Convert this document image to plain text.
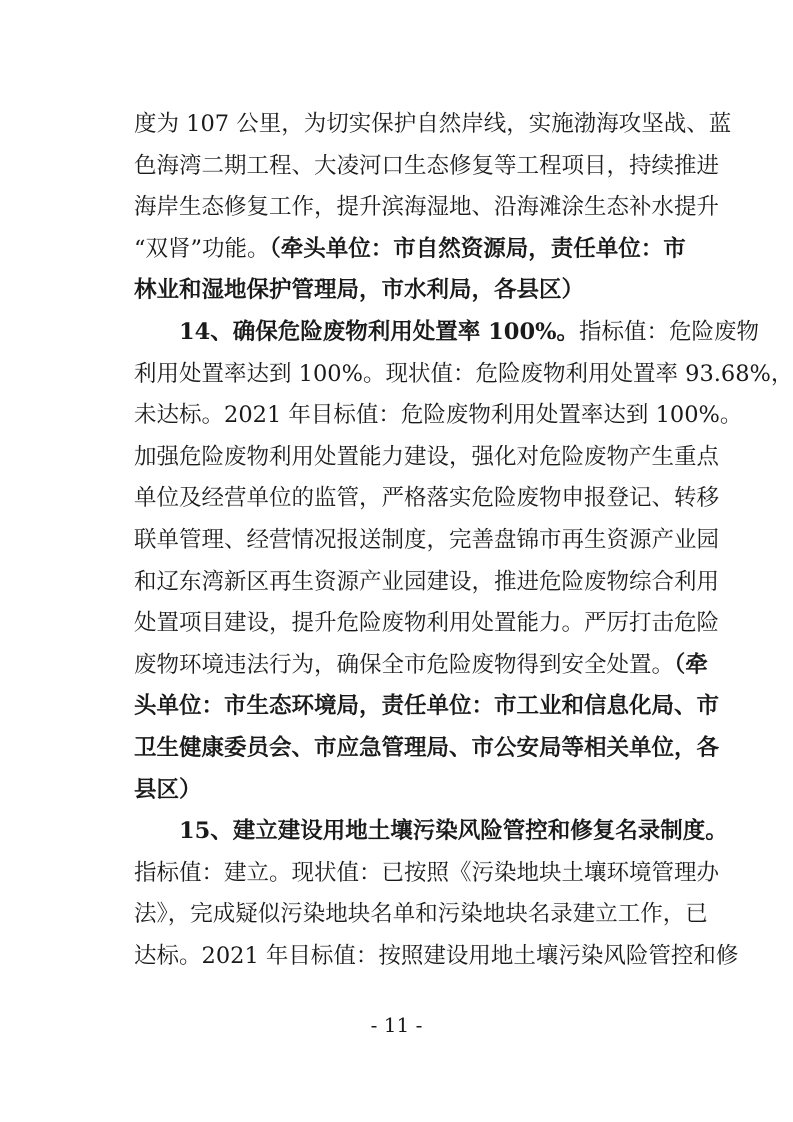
度为 107 公里，为切实保护自然岸线，实施渤海攻坚战、蓝
色海湾二期工程、大凌河口生态修复等工程项目，持续推进
海岸生态修复工作，提升滨海湿地、沿海滩涂生态补水提升
“双肾”功能。（牵头单位：市自然资源局，责任单位：市
林业和湿地保护管理局，市水利局，各县区）
14、确保危险废物利用处置率 100%。指标值：危险废物
利用处置率达到 100%。现状值：危险废物利用处置率 93.68%，
未达标。2021 年目标值：危险废物利用处置率达到 100%。
加强危险废物利用处置能力建设，强化对危险废物产生重点
单位及经营单位的监管，严格落实危险废物申报登记、转移
联单管理、经营情况报送制度，完善盘锦市再生资源产业园
和辽东湾新区再生资源产业园建设，推进危险废物综合利用
处置项目建设，提升危险废物利用处置能力。严厉打击危险
废物环境违法行为，确保全市危险废物得到安全处置。（牵
头单位：市生态环境局，责任单位：市工业和信息化局、市
卫生健康委员会、市应急管理局、市公安局等相关单位，各
县区）
15、建立建设用地土壤污染风险管控和修复名录制度。
指标值：建立。现状值：已按照《污染地块土壤环境管理办
法》，完成疑似污染地块名单和污染地块名录建立工作，已
达标。2021 年目标值：按照建设用地土壤污染风险管控和修
- 11 -
